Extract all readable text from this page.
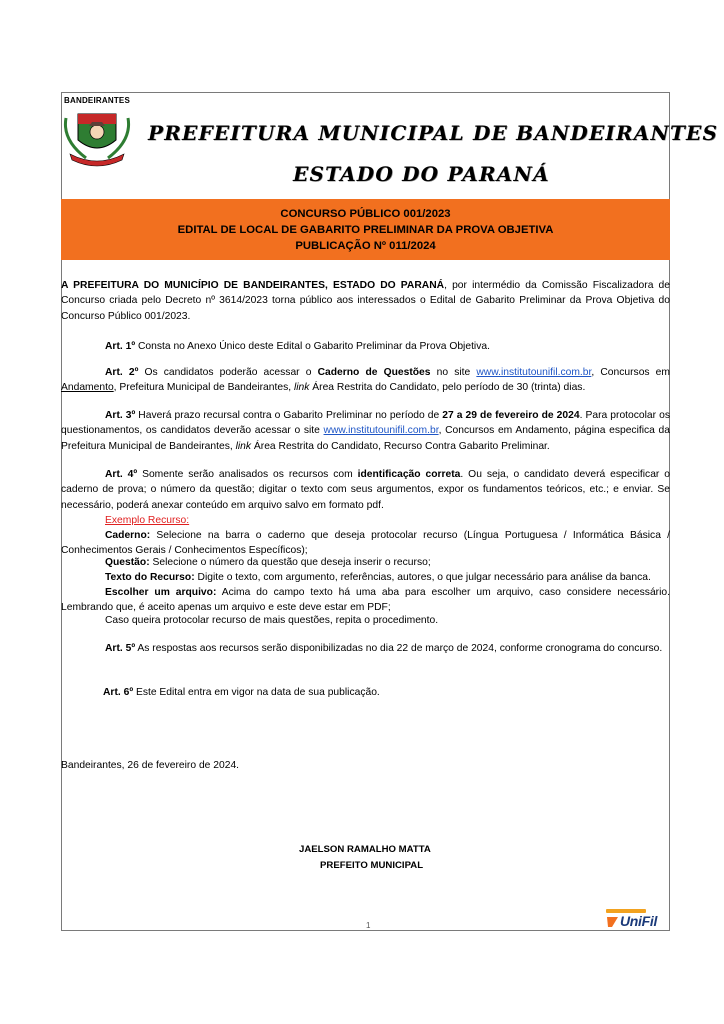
BANDEIRANTES
PREFEITURA MUNICIPAL DE BANDEIRANTES
ESTADO DO PARANÁ
CONCURSO PÚBLICO 001/2023
EDITAL DE LOCAL DE GABARITO PRELIMINAR DA PROVA OBJETIVA
PUBLICAÇÃO Nº 011/2024
A PREFEITURA DO MUNICÍPIO DE BANDEIRANTES, ESTADO DO PARANÁ, por intermédio da Comissão Fiscalizadora de Concurso criada pelo Decreto nº 3614/2023 torna público aos interessados o Edital de Gabarito Preliminar da Prova Objetiva do Concurso Público 001/2023.
Art. 1º Consta no Anexo Único deste Edital o Gabarito Preliminar da Prova Objetiva.
Art. 2º Os candidatos poderão acessar o Caderno de Questões no site www.institutounifil.com.br, Concursos em Andamento, Prefeitura Municipal de Bandeirantes, link Área Restrita do Candidato, pelo período de 30 (trinta) dias.
Art. 3º Haverá prazo recursal contra o Gabarito Preliminar no período de 27 a 29 de fevereiro de 2024. Para protocolar os questionamentos, os candidatos deverão acessar o site www.institutounifil.com.br, Concursos em Andamento, página especifica da Prefeitura Municipal de Bandeirantes, link Área Restrita do Candidato, Recurso Contra Gabarito Preliminar.
Art. 4º Somente serão analisados os recursos com identificação correta. Ou seja, o candidato deverá especificar o caderno de prova; o número da questão; digitar o texto com seus argumentos, expor os fundamentos teóricos, etc.; e enviar. Se necessário, poderá anexar conteúdo em arquivo salvo em formato pdf.
Exemplo Recurso:
Caderno: Selecione na barra o caderno que deseja protocolar recurso (Língua Portuguesa / Informática Básica / Conhecimentos Gerais / Conhecimentos Específicos);
Questão: Selecione o número da questão que deseja inserir o recurso;
Texto do Recurso: Digite o texto, com argumento, referências, autores, o que julgar necessário para análise da banca.
Escolher um arquivo: Acima do campo texto há uma aba para escolher um arquivo, caso considere necessário. Lembrando que, é aceito apenas um arquivo e este deve estar em PDF;
Caso queira protocolar recurso de mais questões, repita o procedimento.
Art. 5º As respostas aos recursos serão disponibilizadas no dia 22 de março de 2024, conforme cronograma do concurso.
Art. 6º Este Edital entra em vigor na data de sua publicação.
Bandeirantes, 26 de fevereiro de 2024.
JAELSON RAMALHO MATTA
PREFEITO MUNICIPAL
1	UniFil
